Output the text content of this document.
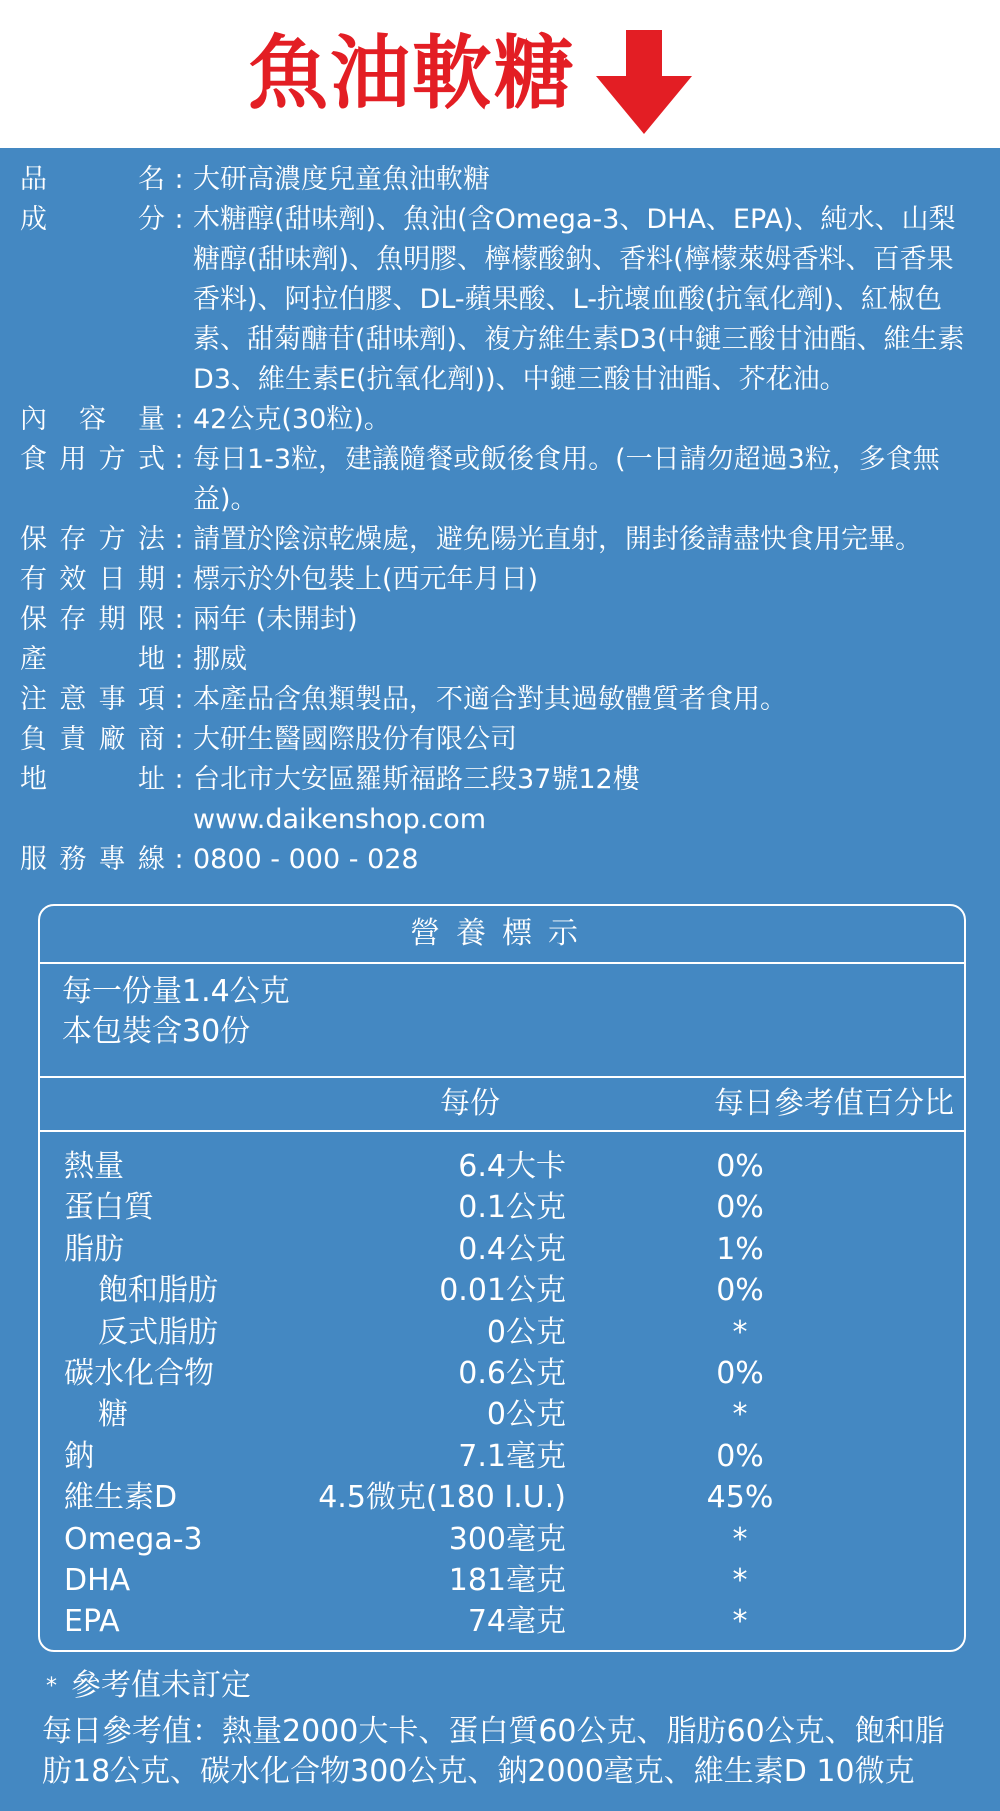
魚油軟糖
品	名 : 大研高濃度兒童魚油軟糖
成	分 : 木糖醇(甜味劑)、魚油(含Omega-3、DHA、EPA)、純水、山梨糖醇(甜味劑)、魚明膠、檸檬酸鈉、香料(檸檬萊姆香料、百香果香料)、阿拉伯膠、DL-蘋果酸、L-抗壞血酸(抗氧化劑)、紅椒色素、甜菊醣苷(甜味劑)、複方維生素D3(中鏈三酸甘油酯、維生素D3、維生素E(抗氧化劑))、中鏈三酸甘油酯、芥花油。
內 容 量 : 42公克(30粒)。
食 用 方 式 : 每日1-3粒，建議隨餐或飯後食用。(一日請勿超過3粒，多食無益)。
保 存 方 法 : 請置於陰涼乾燥處，避免陽光直射，開封後請盡快食用完畢。
有 效 日 期 : 標示於外包裝上(西元年月日)
保 存 期 限 : 兩年 (未開封)
產	地 : 挪威
注 意 事 項 : 本產品含魚類製品，不適合對其過敏體質者食用。
負 責 廠 商 : 大研生醫國際股份有限公司
地	址 : 台北市大安區羅斯福路三段37號12樓
www.daikenshop.com
服 務 專 線 : 0800 - 000 - 028
營養標示
每一份量1.4公克
本包裝含30份
每份	每日參考值百分比
熱量	6.4大卡	0%
蛋白質	0.1公克	0%
脂肪	0.4公克	1%
飽和脂肪	0.01公克	0%
反式脂肪	0公克	*
碳水化合物	0.6公克	0%
糖	0公克	*
鈉	7.1毫克	0%
維生素D	4.5微克(180 I.U.)	45%
Omega-3	300毫克	*
DHA	181毫克	*
EPA	74毫克	*
* 參考值未訂定
每日參考值：熱量2000大卡、蛋白質60公克、脂肪60公克、飽和脂肪18公克、碳水化合物300公克、鈉2000毫克、維生素D 10微克
